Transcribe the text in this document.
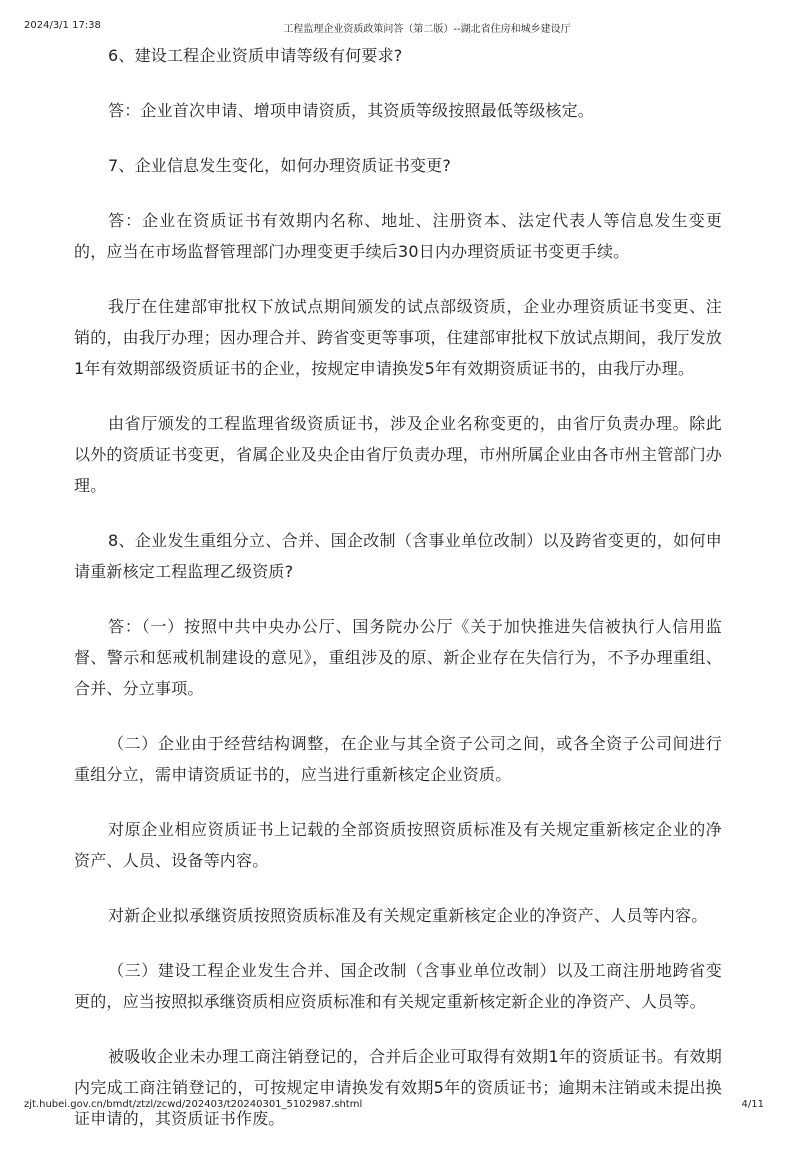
2024/3/1 17:38	工程监理企业资质政策问答（第二版）--湖北省住房和城乡建设厅

6、建设工程企业资质申请等级有何要求?

答：企业首次申请、增项申请资质，其资质等级按照最低等级核定。

7、企业信息发生变化，如何办理资质证书变更?

答：企业在资质证书有效期内名称、地址、注册资本、法定代表人等信息发生变更的，应当在市场监督管理部门办理变更手续后30日内办理资质证书变更手续。

我厅在住建部审批权下放试点期间颁发的试点部级资质，企业办理资质证书变更、注销的，由我厅办理；因办理合并、跨省变更等事项，住建部审批权下放试点期间，我厅发放1年有效期部级资质证书的企业，按规定申请换发5年有效期资质证书的，由我厅办理。

由省厅颁发的工程监理省级资质证书，涉及企业名称变更的，由省厅负责办理。除此以外的资质证书变更，省属企业及央企由省厅负责办理，市州所属企业由各市州主管部门办理。

8、企业发生重组分立、合并、国企改制（含事业单位改制）以及跨省变更的，如何申请重新核定工程监理乙级资质?

答：（一）按照中共中央办公厅、国务院办公厅《关于加快推进失信被执行人信用监督、警示和惩戒机制建设的意见》，重组涉及的原、新企业存在失信行为，不予办理重组、合并、分立事项。

（二）企业由于经营结构调整，在企业与其全资子公司之间，或各全资子公司间进行重组分立，需申请资质证书的，应当进行重新核定企业资质。

对原企业相应资质证书上记载的全部资质按照资质标准及有关规定重新核定企业的净资产、人员、设备等内容。

对新企业拟承继资质按照资质标准及有关规定重新核定企业的净资产、人员等内容。

（三）建设工程企业发生合并、国企改制（含事业单位改制）以及工商注册地跨省变更的，应当按照拟承继资质相应资质标准和有关规定重新核定新企业的净资产、人员等。

被吸收企业未办理工商注销登记的，合并后企业可取得有效期1年的资质证书。有效期内完成工商注销登记的，可按规定申请换发有效期5年的资质证书；逾期未注销或未提出换证申请的，其资质证书作废。

zjt.hubei.gov.cn/bmdt/ztzl/zcwd/202403/t20240301_5102987.shtml	4/11
